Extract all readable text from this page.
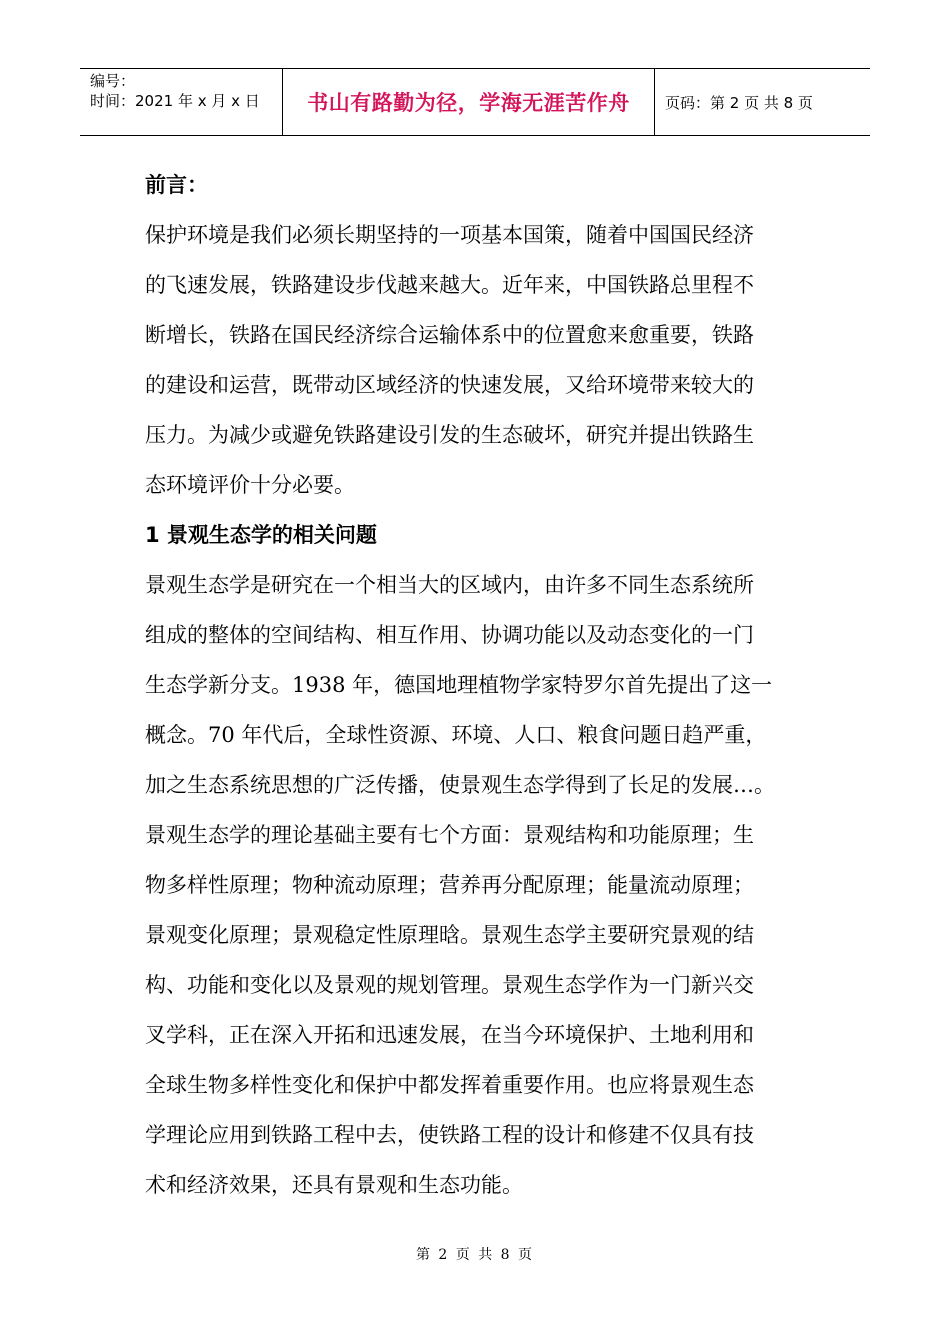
编号：
时间：2021 年 x 月 x 日	书山有路勤为径，学海无涯苦作舟	页码：第 2 页 共 8 页
前言：

保护环境是我们必须长期坚持的一项基本国策，随着中国国民经济
的飞速发展，铁路建设步伐越来越大。近年来，中国铁路总里程不
断增长，铁路在国民经济综合运输体系中的位置愈来愈重要，铁路
的建设和运营，既带动区域经济的快速发展，又给环境带来较大的
压力。为减少或避免铁路建设引发的生态破坏，研究并提出铁路生
态环境评价十分必要。

1 景观生态学的相关问题

景观生态学是研究在一个相当大的区域内，由许多不同生态系统所
组成的整体的空间结构、相互作用、协调功能以及动态变化的一门
生态学新分支。1938 年，德国地理植物学家特罗尔首先提出了这一
概念。70 年代后，全球性资源、环境、人口、粮食问题日趋严重，
加之生态系统思想的广泛传播，使景观生态学得到了长足的发展…。
景观生态学的理论基础主要有七个方面：景观结构和功能原理；生
物多样性原理；物种流动原理；营养再分配原理；能量流动原理；
景观变化原理；景观稳定性原理晗。景观生态学主要研究景观的结
构、功能和变化以及景观的规划管理。景观生态学作为一门新兴交
叉学科，正在深入开拓和迅速发展，在当今环境保护、土地利用和
全球生物多样性变化和保护中都发挥着重要作用。也应将景观生态
学理论应用到铁路工程中去，使铁路工程的设计和修建不仅具有技
术和经济效果，还具有景观和生态功能。

第 2 页 共 8 页
